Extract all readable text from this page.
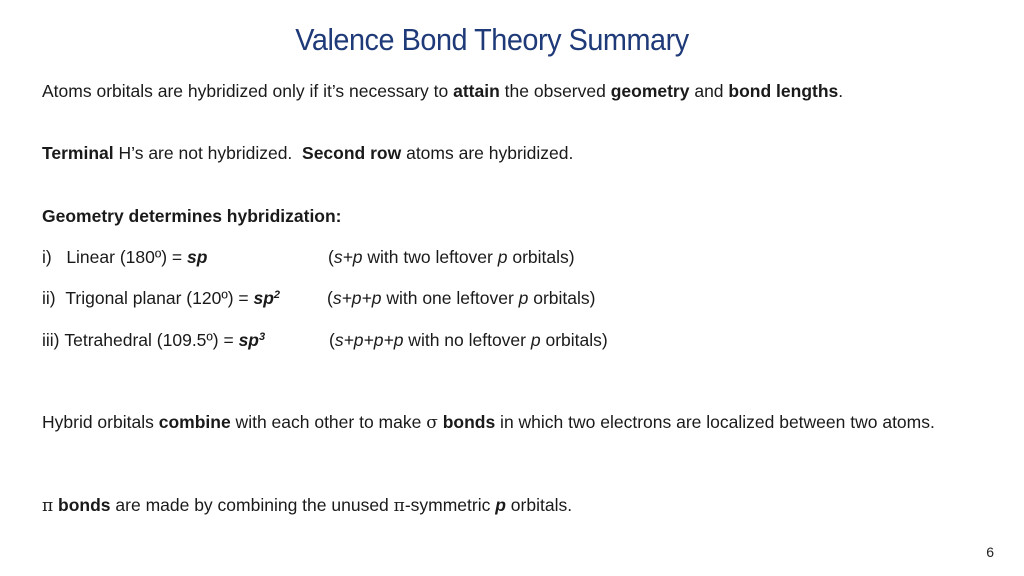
Valence Bond Theory Summary
Atoms orbitals are hybridized only if it’s necessary to attain the observed geometry and bond lengths.
Terminal H’s are not hybridized.  Second row atoms are hybridized.
Geometry determines hybridization:
i) Linear (180º) = sp	(s+p with two leftover p orbitals)
ii) Trigonal planar (120º) = $sp^2$	(s+p+p with one leftover p orbitals)
iii) Tetrahedral (109.5º) = $sp^3$	(s+p+p+p with no leftover p orbitals)
Hybrid orbitals combine with each other to make σ bonds in which two electrons are localized between two atoms.
π bonds are made by combining the unused π-symmetric p orbitals.
6
